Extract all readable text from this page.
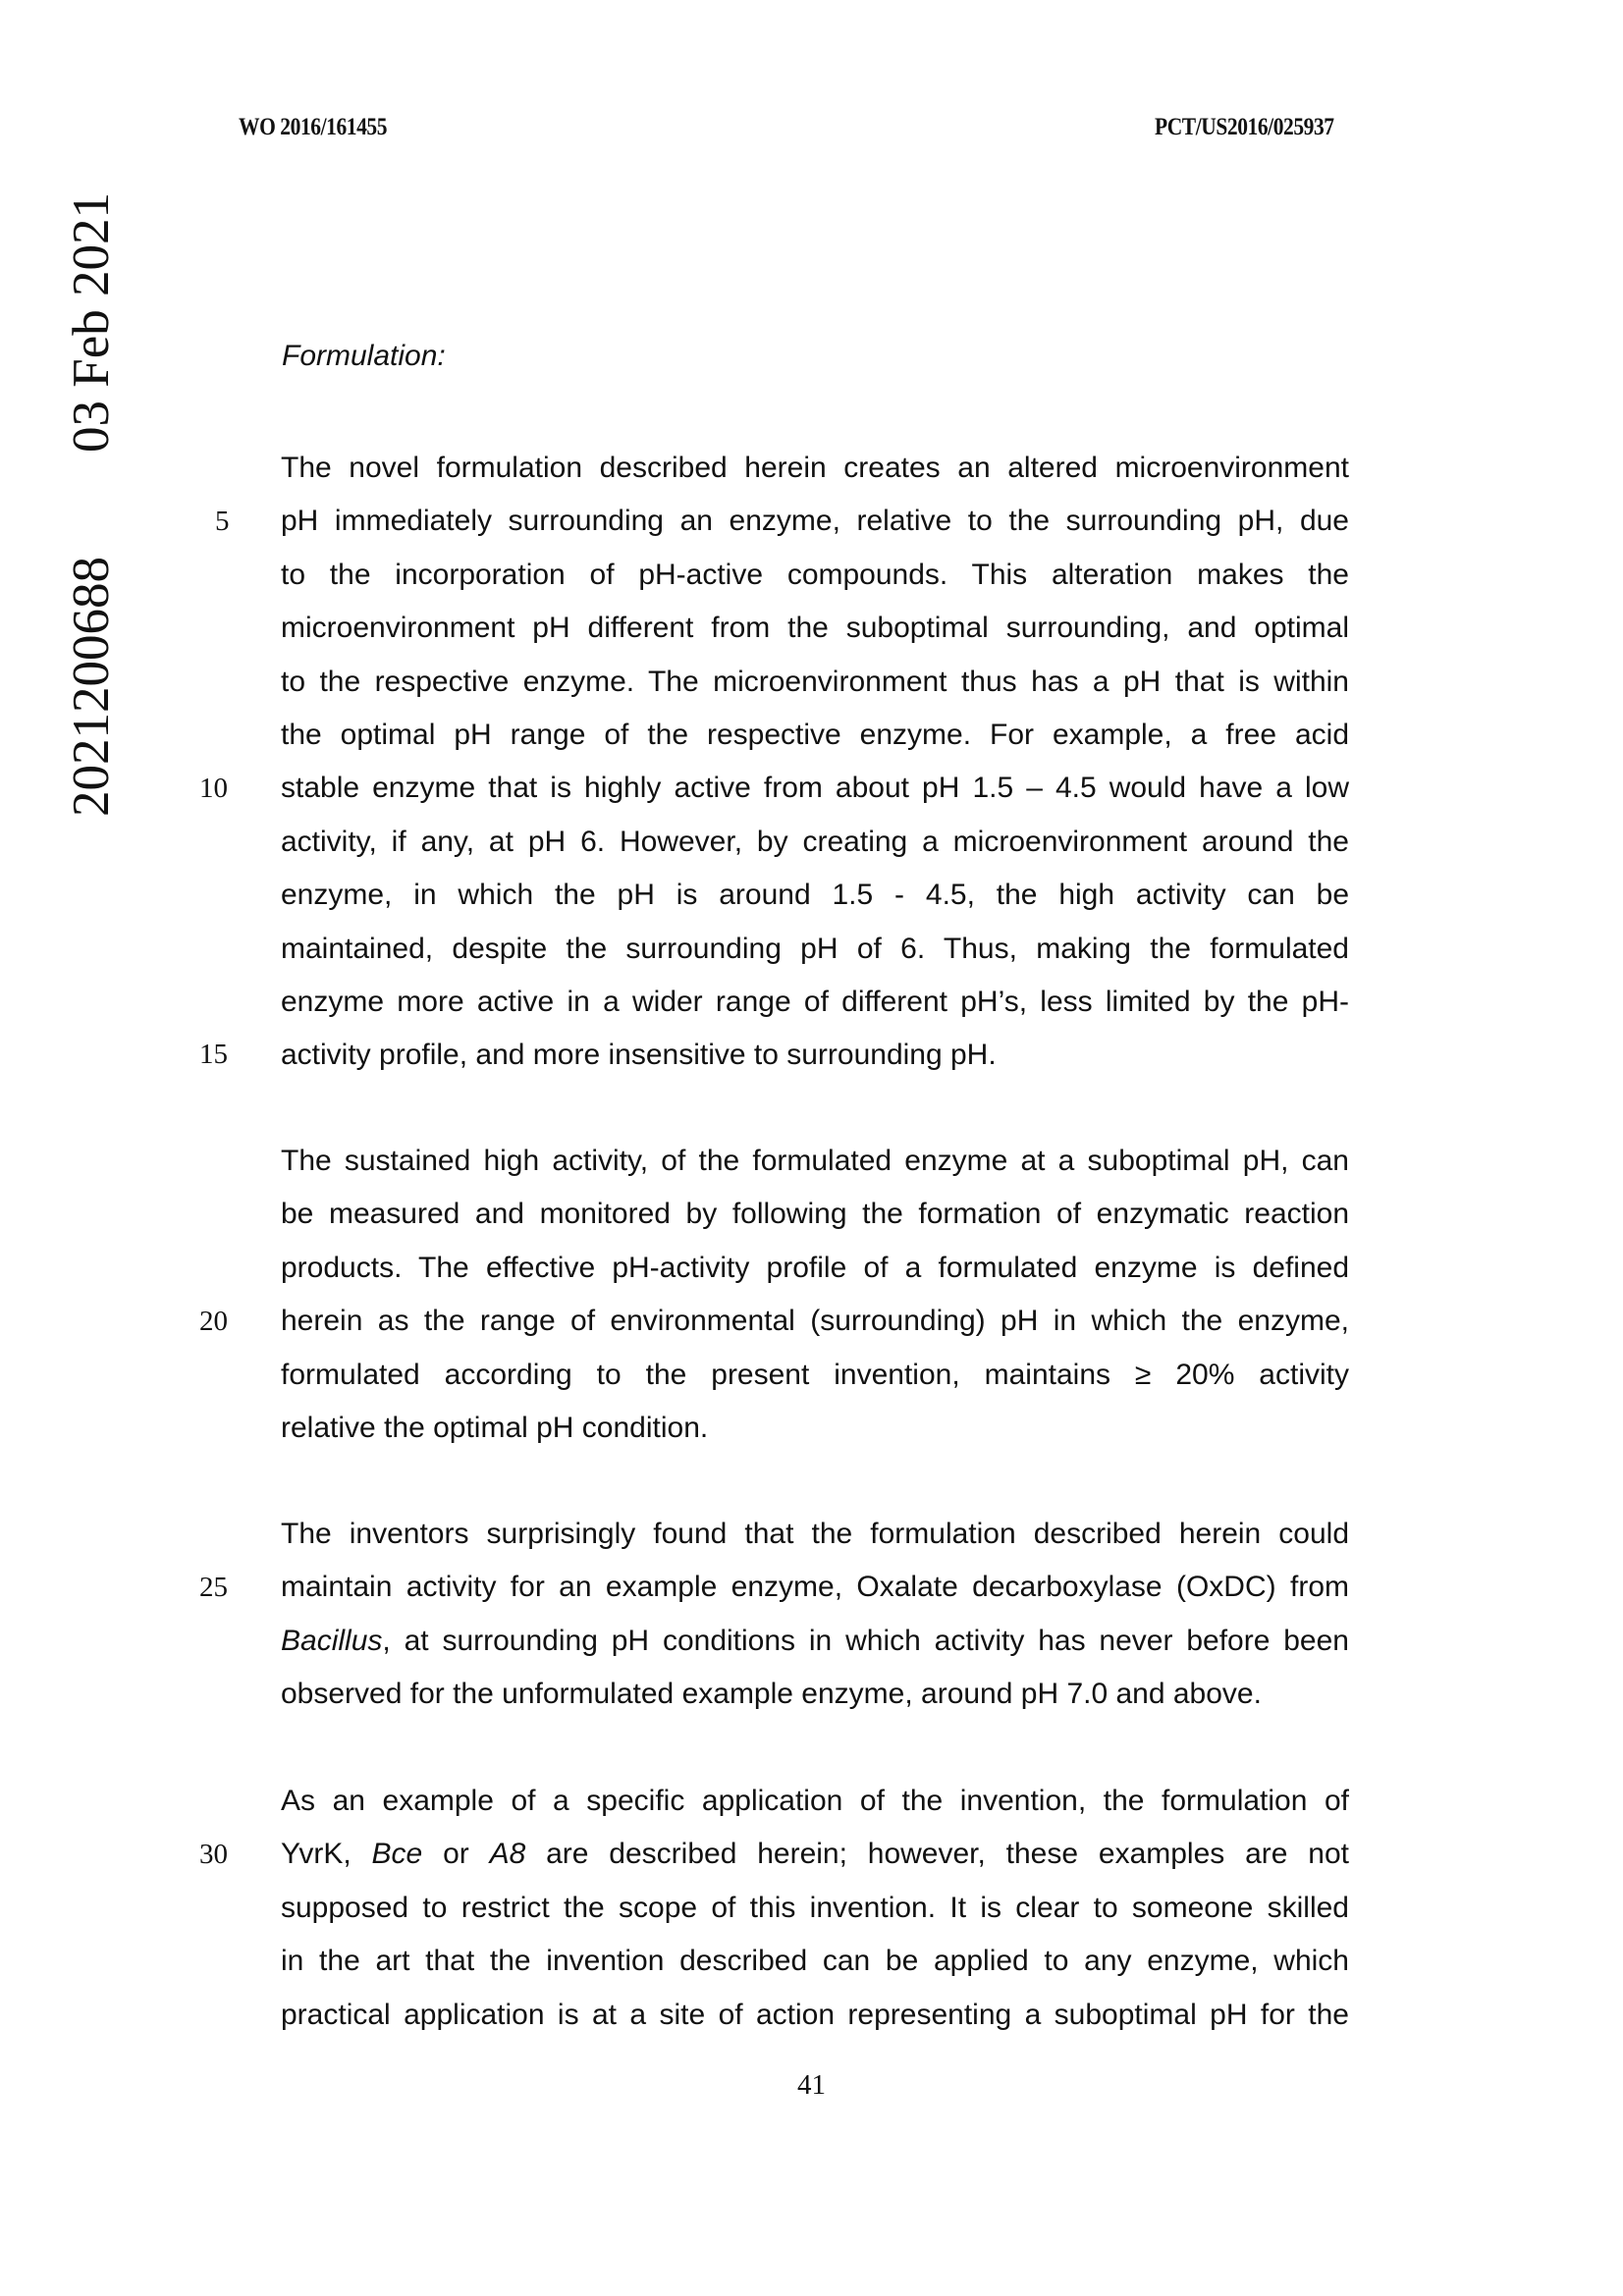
WO 2016/161455	PCT/US2016/025937
2021200688
03 Feb 2021	Formulation:
The novel formulation described herein creates an altered microenvironment
pH immediately surrounding an enzyme, relative to the surrounding pH, due
to the incorporation of pH-active compounds. This alteration makes the
microenvironment pH different from the suboptimal surrounding, and optimal
to the respective enzyme. The microenvironment thus has a pH that is within
the optimal pH range of the respective enzyme. For example, a free acid
stable enzyme that is highly active from about pH 1.5 – 4.5 would have a low
activity, if any, at pH 6. However, by creating a microenvironment around the
enzyme, in which the pH is around 1.5 - 4.5, the high activity can be
maintained, despite the surrounding pH of 6. Thus, making the formulated
enzyme more active in a wider range of different pH’s, less limited by the pH-
activity profile, and more insensitive to surrounding pH.
The sustained high activity, of the formulated enzyme at a suboptimal pH, can
be measured and monitored by following the formation of enzymatic reaction
products. The effective pH-activity profile of a formulated enzyme is defined
herein as the range of environmental (surrounding) pH in which the enzyme,
formulated according to the present invention, maintains ≥ 20% activity
relative the optimal pH condition.
The inventors surprisingly found that the formulation described herein could
maintain activity for an example enzyme, Oxalate decarboxylase (OxDC) from
Bacillus, at surrounding pH conditions in which activity has never before been
observed for the unformulated example enzyme, around pH 7.0 and above.
As an example of a specific application of the invention, the formulation of
YvrK, Bce or A8 are described herein; however, these examples are not
supposed to restrict the scope of this invention. It is clear to someone skilled
in the art that the invention described can be applied to any enzyme, which
practical application is at a site of action representing a suboptimal pH for the
5
10
15
20
25
30
41
